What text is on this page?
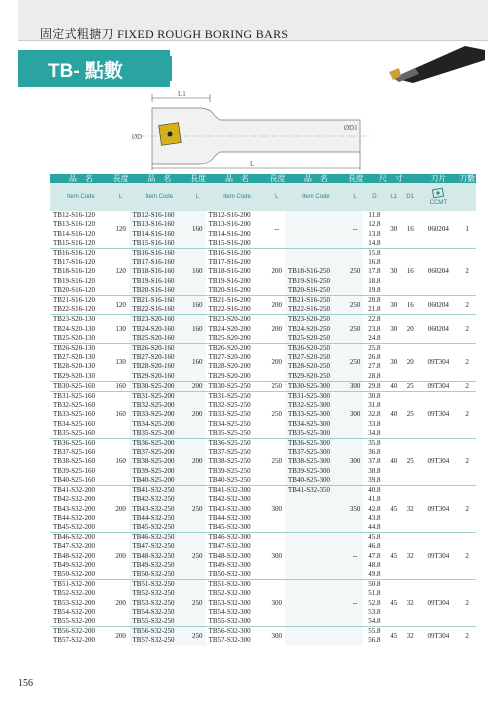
固定式粗搪刀 FIXED ROUGH BORING BARS
TB- 點數
L1
ØD
ØD1
L
品　名	長度	品　名	長度	品　名	長度	品　名	長度	尺　寸			刀片	刀數
Item Code	L	Item Code	L	Item Code	L	Item Code	L	D	L1	D1	CCMT	

TB12-S16-120	120	TB12-S16-160	160	TB12-S16-200	--		--	11.8	30	16	060204	1
TB13-S16-120		TB13-S16-160		TB13-S16-200				12.8				
TB14-S16-120		TB14-S16-160		TB14-S16-200				13.8				
TB15-S16-120		TB15-S16-160		TB15-S16-200				14.8				
TB16-S16-120	120	TB16-S16-160	160	TB16-S16-200	200		250	15.8	30	16	060204	2
TB17-S16-120		TB17-S16-160		TB17-S16-200				16.8				
TB18-S16-120		TB18-S16-160		TB18-S16-200		TB18-S16-250		17.8				
TB19-S16-120		TB19-S16-160		TB19-S16-200		TB19-S16-250		18.8				
TB20-S16-120		TB20-S16-160		TB20-S16-200		TB20-S16-250		19.8				
TB21-S16-120	120	TB21-S16-160	160	TB21-S16-200	200	TB21-S16-250	250	20.8	30	16	060204	2
TB22-S16-120		TB22-S16-160		TB22-S16-200		TB22-S16-250		21.8				
TB23-S20-130	130	TB23-S20-160	160	TB23-S20-200	200	TB23-S20-250	250	22.8	30	20	060204	2
TB24-S20-130		TB24-S20-160		TB24-S20-200		TB24-S20-250		23.8				
TB25-S20-130		TB25-S20-160		TB25-S20-200		TB25-S20-250		24.8				
TB26-S20-130	130	TB26-S20-160	160	TB26-S20-200	200	TB26-S20-250	250	25.8	30	20	09T304	2
TB27-S20-130		TB27-S20-160		TB27-S20-200		TB27-S20-250		26.8				
TB28-S20-130		TB28-S20-160		TB28-S20-200		TB28-S20-250		27.8				
TB29-S20-130		TB29-S20-160		TB29-S20-200		TB29-S20-250		28.8				
TB30-S25-160	160	TB30-S25-200	200	TB30-S25-250	250	TB30-S25-300	300	29.8	40	25	09T304	2
TB31-S25-160	160	TB31-S25-200	200	TB31-S25-250	250	TB31-S25-300	300	30.8	40	25	09T304	2
TB32-S25-160		TB32-S25-200		TB32-S25-250		TB32-S25-300		31.8				
TB33-S25-160		TB33-S25-200		TB33-S25-250		TB33-S25-300		32.8				
TB34-S25-160		TB34-S25-200		TB34-S25-250		TB34-S25-300		33.8				
TB35-S25-160		TB35-S25-200		TB35-S25-250		TB35-S25-300		34.8				
TB36-S25-160	160	TB36-S25-200	200	TB36-S25-250	250	TB36-S25-300	300	35.8	40	25	09T304	2
TB37-S25-160		TB37-S25-200		TB37-S25-250		TB37-S25-300		36.8				
TB38-S25-160		TB38-S25-200		TB38-S25-250		TB38-S25-300		37.8				
TB39-S25-160		TB39-S25-200		TB39-S25-250		TB39-S25-300		38.8				
TB40-S25-160		TB40-S25-200		TB40-S25-250		TB40-S25-300		39.8				
TB41-S32-200	200	TB41-S32-250	250	TB41-S32-300	300	TB41-S32-350	350	40.8	45	32	09T304	2
TB42-S32-200		TB42-S32-250		TB42-S32-300				41.8				
TB43-S32-200		TB43-S32-250		TB43-S32-300				42.8				
TB44-S32-200		TB44-S32-250		TB44-S32-300				43.8				
TB45-S32-200		TB45-S32-250		TB45-S32-300				44.8				
TB46-S32-200	200	TB46-S32-250	250	TB46-S32-300	300		--	45.8	45	32	09T304	2
TB47-S32-200		TB47-S32-250		TB47-S32-300				46.8				
TB48-S32-200		TB48-S32-250		TB48-S32-300				47.8				
TB49-S32-200		TB49-S32-250		TB49-S32-300				48.8				
TB50-S32-200		TB50-S32-250		TB50-S32-300				49.8				
TB51-S32-200	200	TB51-S32-250	250	TB51-S32-300	300		--	50.8	45	32	09T304	2
TB52-S32-200		TB52-S32-250		TB52-S32-300				51.8				
TB53-S32-200		TB53-S32-250		TB53-S32-300				52.8				
TB54-S32-200		TB54-S32-250		TB54-S32-300				53.8				
TB55-S32-200		TB55-S32-250		TB55-S32-300				54.8				
TB56-S32-200	200	TB56-S32-250	250	TB56-S32-300	300			55.8	45	32	09T304	2
TB57-S32-200		TB57-S32-250		TB57-S32-300				56.8				
156
